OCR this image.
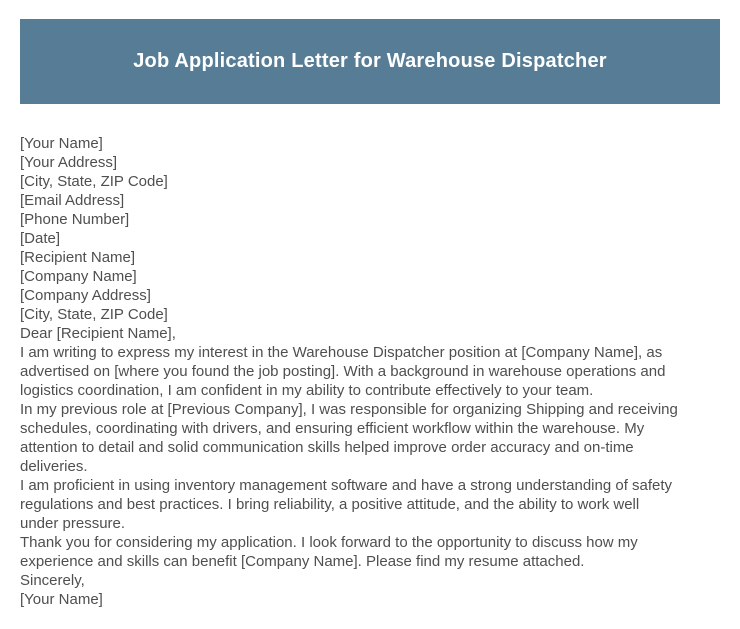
Job Application Letter for Warehouse Dispatcher
[Your Name]
[Your Address]
[City, State, ZIP Code]
[Email Address]
[Phone Number]
[Date]
[Recipient Name]
[Company Name]
[Company Address]
[City, State, ZIP Code]
Dear [Recipient Name],
I am writing to express my interest in the Warehouse Dispatcher position at [Company Name], as
advertised on [where you found the job posting]. With a background in warehouse operations and
logistics coordination, I am confident in my ability to contribute effectively to your team.
In my previous role at [Previous Company], I was responsible for organizing Shipping and receiving
schedules, coordinating with drivers, and ensuring efficient workflow within the warehouse. My
attention to detail and solid communication skills helped improve order accuracy and on-time
deliveries.
I am proficient in using inventory management software and have a strong understanding of safety
regulations and best practices. I bring reliability, a positive attitude, and the ability to work well
under pressure.
Thank you for considering my application. I look forward to the opportunity to discuss how my
experience and skills can benefit [Company Name]. Please find my resume attached.
Sincerely,
[Your Name]
